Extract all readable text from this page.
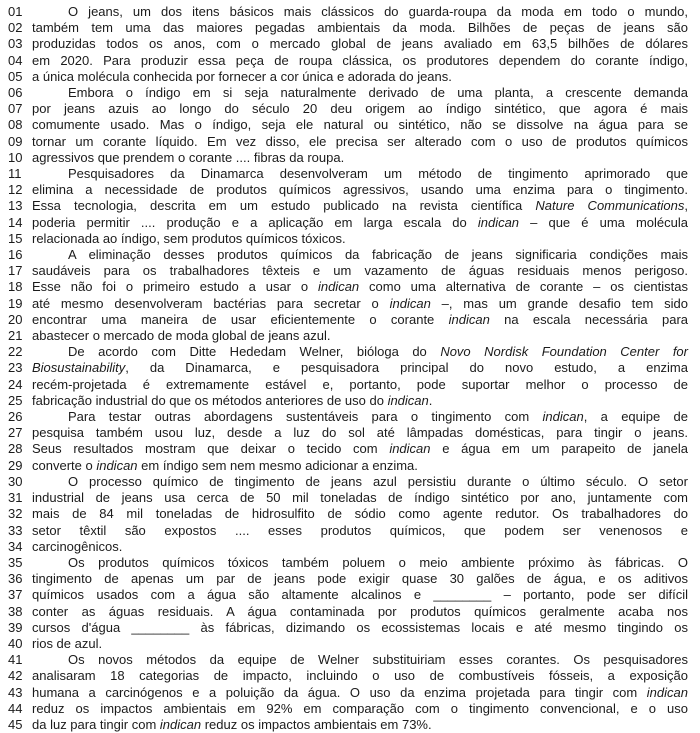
01	O jeans, um dos itens básicos mais clássicos do guarda-roupa da moda em todo o mundo,
02 também tem uma das maiores pegadas ambientais da moda. Bilhões de peças de jeans são
03 produzidas todos os anos, com o mercado global de jeans avaliado em 63,5 bilhões de dólares
04 em 2020. Para produzir essa peça de roupa clássica, os produtores dependem do corante índigo,
05 a única molécula conhecida por fornecer a cor única e adorada do jeans.
06	Embora o índigo em si seja naturalmente derivado de uma planta, a crescente demanda
07 por jeans azuis ao longo do século 20 deu origem ao índigo sintético, que agora é mais
08 comumente usado. Mas o índigo, seja ele natural ou sintético, não se dissolve na água para se
09 tornar um corante líquido. Em vez disso, ele precisa ser alterado com o uso de produtos químicos
10 agressivos que prendem o corante .... fibras da roupa.
11	Pesquisadores da Dinamarca desenvolveram um método de tingimento aprimorado que
12 elimina a necessidade de produtos químicos agressivos, usando uma enzima para o tingimento.
13 Essa tecnologia, descrita em um estudo publicado na revista científica Nature Communications,
14 poderia permitir .... produção e a aplicação em larga escala do indican – que é uma molécula
15 relacionada ao índigo, sem produtos químicos tóxicos.
16	A eliminação desses produtos químicos da fabricação de jeans significaria condições mais
17 saudáveis para os trabalhadores têxteis e um vazamento de águas residuais menos perigoso.
18 Esse não foi o primeiro estudo a usar o indican como uma alternativa de corante – os cientistas
19 até mesmo desenvolveram bactérias para secretar o indican –, mas um grande desafio tem sido
20 encontrar uma maneira de usar eficientemente o corante indican na escala necessária para
21 abastecer o mercado de moda global de jeans azul.
22	De acordo com Ditte Hededam Welner, bióloga do Novo Nordisk Foundation Center for
23 Biosustainability, da Dinamarca, e pesquisadora principal do novo estudo, a enzima
24 recém-projetada é extremamente estável e, portanto, pode suportar melhor o processo de
25 fabricação industrial do que os métodos anteriores de uso do indican.
26	Para testar outras abordagens sustentáveis para o tingimento com indican, a equipe de
27 pesquisa também usou luz, desde a luz do sol até lâmpadas domésticas, para tingir o jeans.
28 Seus resultados mostram que deixar o tecido com indican e água em um parapeito de janela
29 converte o indican em índigo sem nem mesmo adicionar a enzima.
30	O processo químico de tingimento de jeans azul persistiu durante o último século. O setor
31 industrial de jeans usa cerca de 50 mil toneladas de índigo sintético por ano, juntamente com
32 mais de 84 mil toneladas de hidrosulfito de sódio como agente redutor. Os trabalhadores do
33 setor têxtil são expostos .... esses produtos químicos, que podem ser venenosos e
34 carcinogênicos.
35	Os produtos químicos tóxicos também poluem o meio ambiente próximo às fábricas. O
36 tingimento de apenas um par de jeans pode exigir quase 30 galões de água, e os aditivos
37 químicos usados com a água são altamente alcalinos e ________ – portanto, pode ser difícil
38 conter as águas residuais. A água contaminada por produtos químicos geralmente acaba nos
39 cursos d'água ________ às fábricas, dizimando os ecossistemas locais e até mesmo tingindo os
40 rios de azul.
41	Os novos métodos da equipe de Welner substituiriam esses corantes. Os pesquisadores
42 analisaram 18 categorias de impacto, incluindo o uso de combustíveis fósseis, a exposição
43 humana a carcinógenos e a poluição da água. O uso da enzima projetada para tingir com indican
44 reduz os impactos ambientais em 92% em comparação com o tingimento convencional, e o uso
45 da luz para tingir com indican reduz os impactos ambientais em 73%.
